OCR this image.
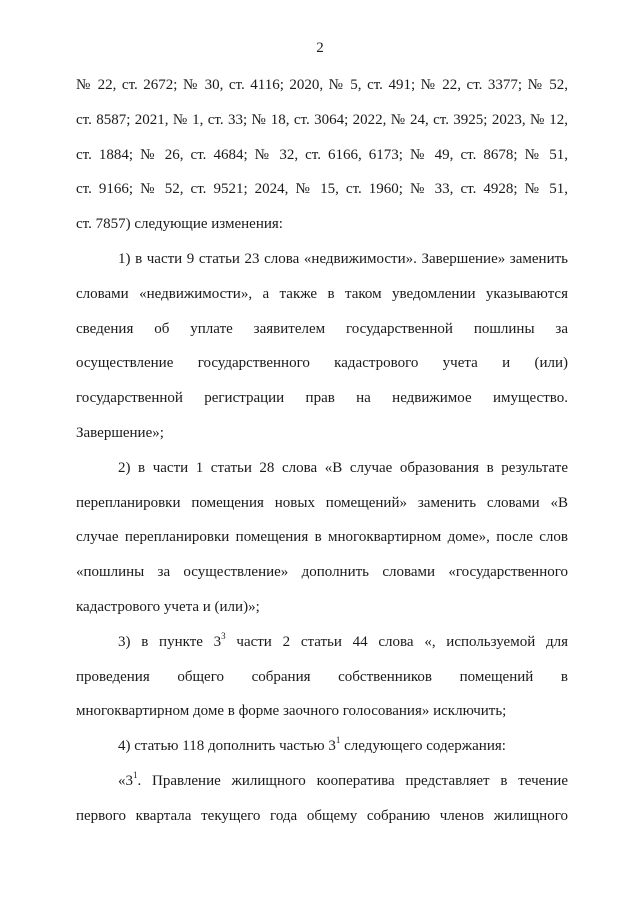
2
№ 22, ст. 2672; № 30, ст. 4116; 2020, № 5, ст. 491; № 22, ст. 3377; № 52,
ст. 8587; 2021, № 1, ст. 33; № 18, ст. 3064; 2022, № 24, ст. 3925; 2023, № 12,
ст. 1884; № 26, ст. 4684; № 32, ст. 6166, 6173; № 49, ст. 8678; № 51,
ст. 9166; № 52, ст. 9521; 2024, № 15, ст. 1960; № 33, ст. 4928; № 51,
ст. 7857) следующие изменения:
1) в части 9 статьи 23 слова «недвижимости». Завершение» заменить
словами «недвижимости», а также в таком уведомлении указываются
сведения об уплате заявителем государственной пошлины за
осуществление государственного кадастрового учета и (или)
государственной регистрации прав на недвижимое имущество.
Завершение»;
2) в части 1 статьи 28 слова «В случае образования в результате
перепланировки помещения новых помещений» заменить словами «В
случае перепланировки помещения в многоквартирном доме», после слов
«пошлины за осуществление» дополнить словами «государственного
кадастрового учета и (или)»;
3) в пункте $3^3$ части 2 статьи 44 слова «, используемой для
проведения общего собрания собственников помещений в
многоквартирном доме в форме заочного голосования» исключить;
4) статью 118 дополнить частью $3^1$ следующего содержания:
«$3^1$. Правление жилищного кооператива представляет в течение
первого квартала текущего года общему собранию членов жилищного
